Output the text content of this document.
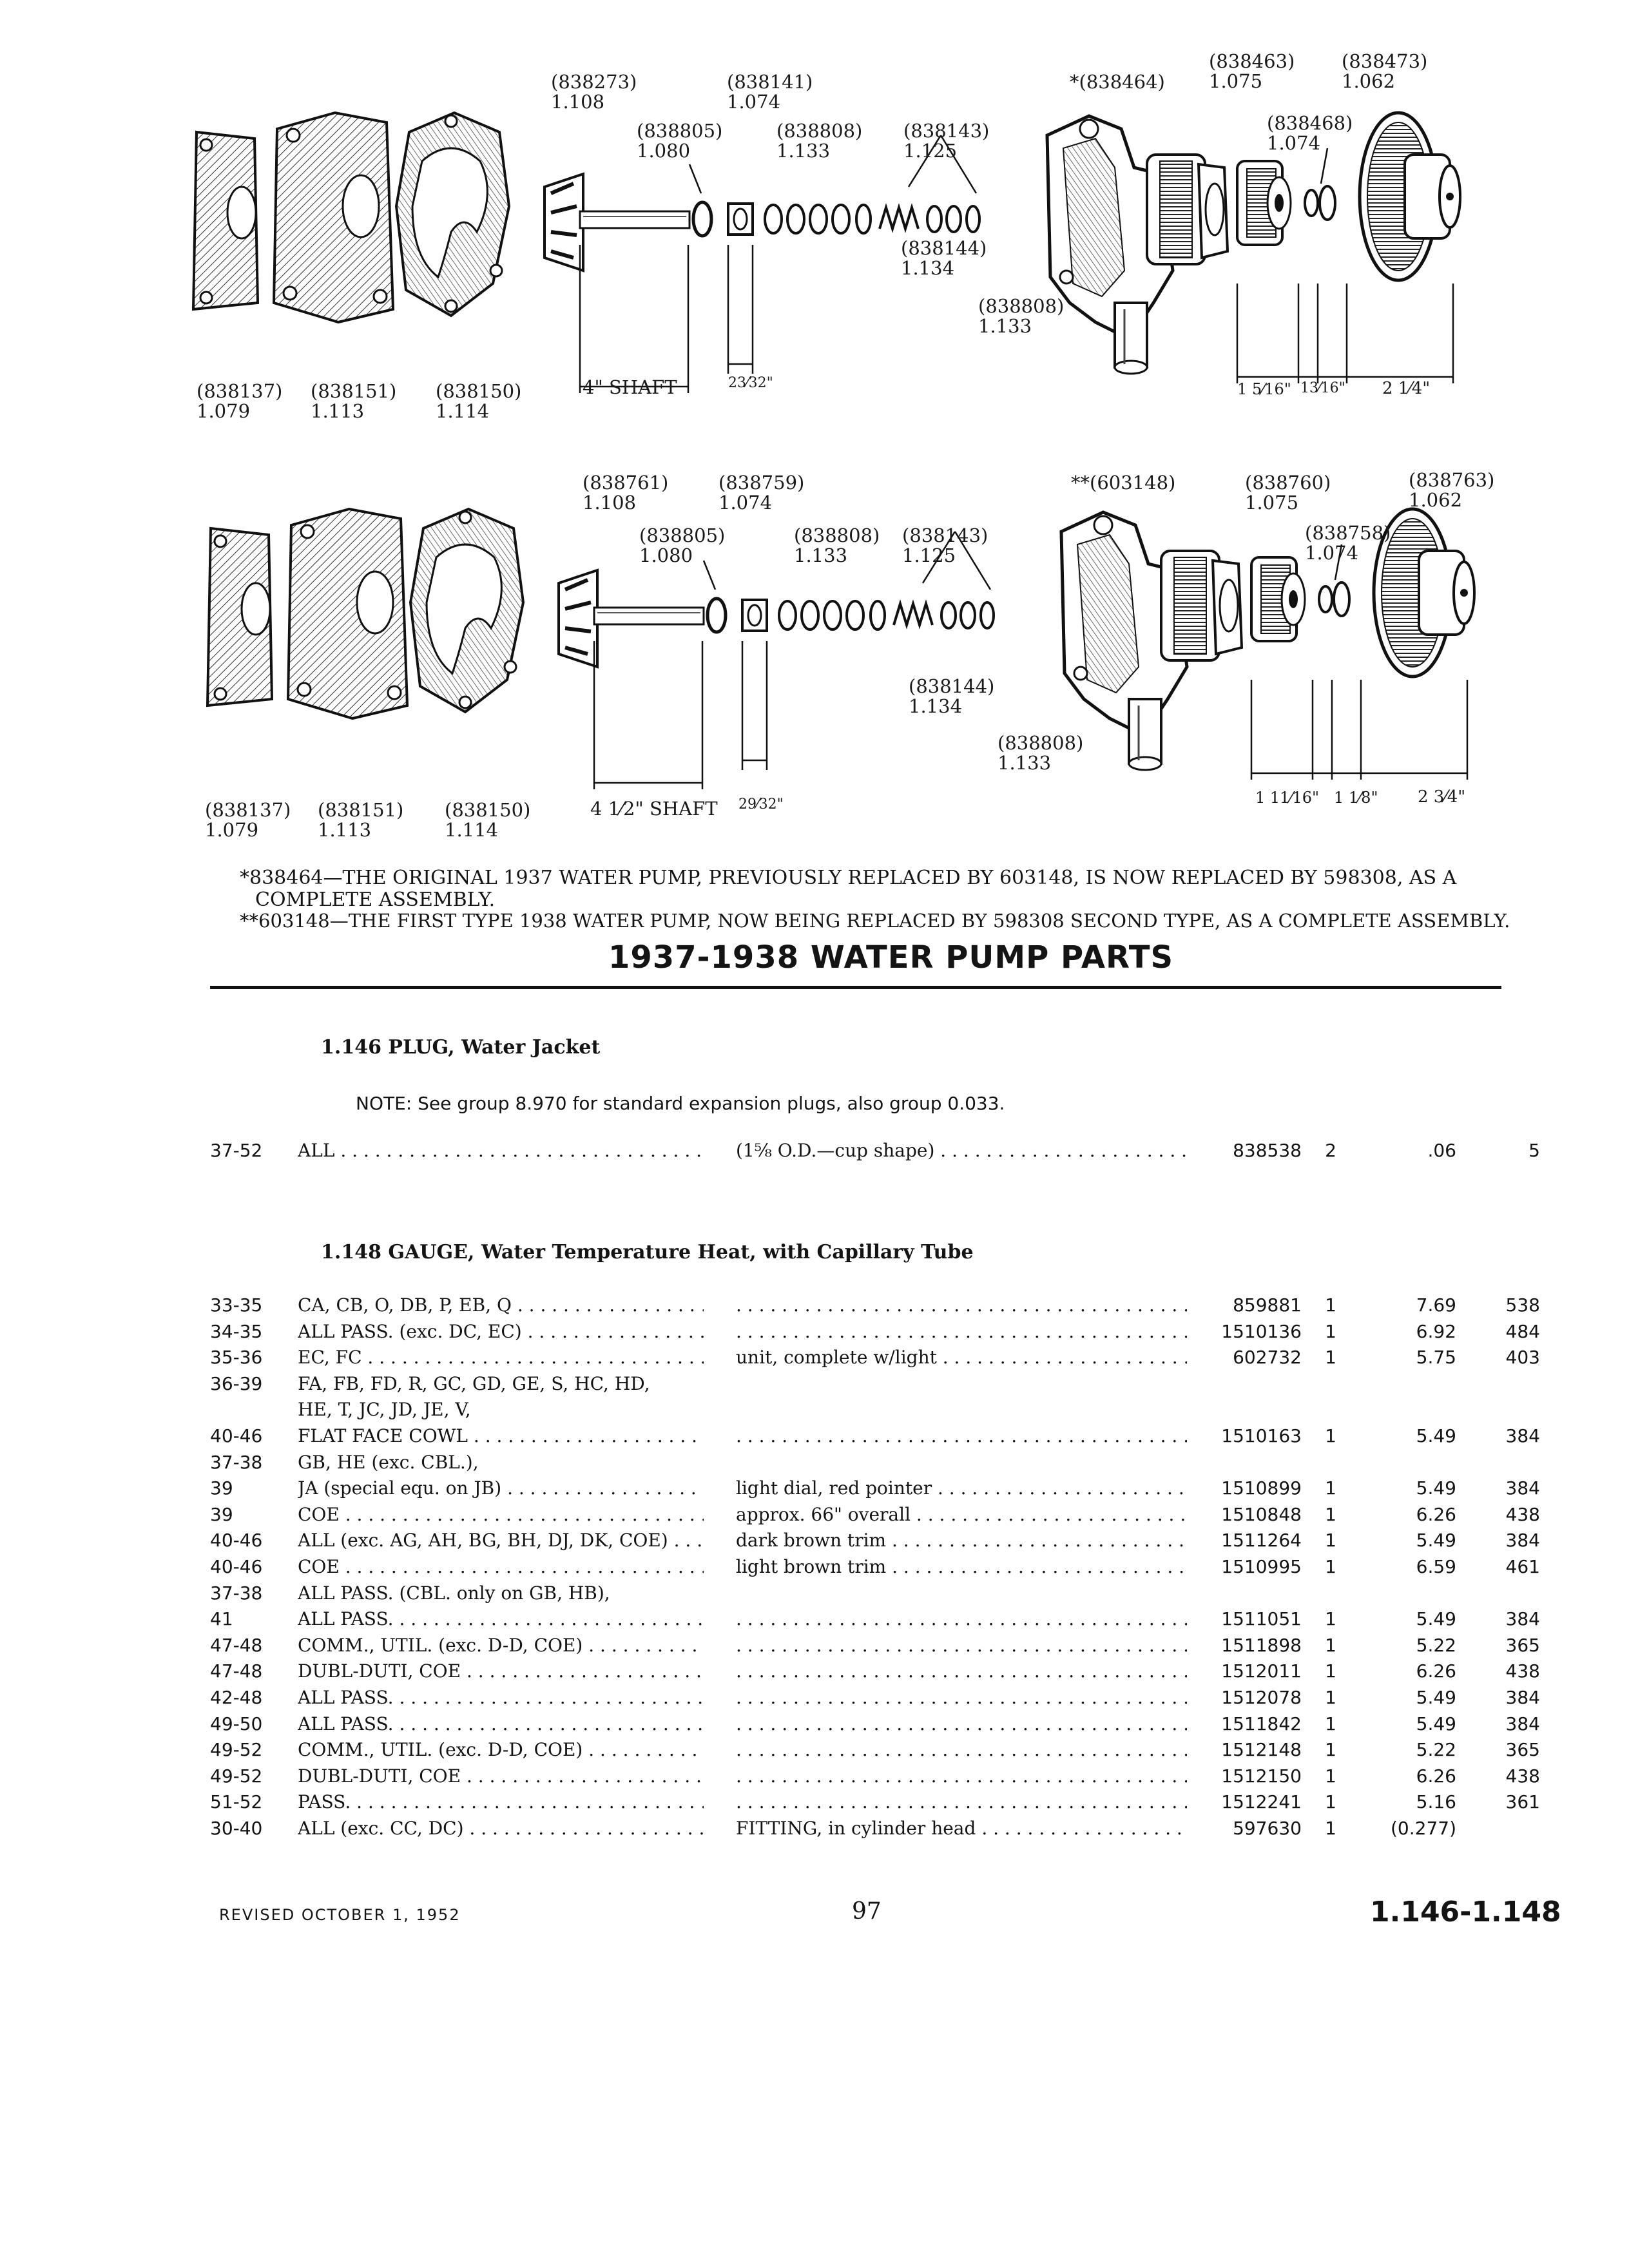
(838273)
1.108
(838141)
1.074
(838805)
1.080
(838808)
1.133
(838143)
1.125
*(838464)
(838463)
1.075
(838473)
1.062
(838468)
1.074
(838144)
1.134
(838808)
1.133
(838137)
1.079
(838151)
1.113
(838150)
1.114
4" SHAFT	23⁄32"	1 5⁄16" 13⁄16" 2 1⁄4"
(838761)
1.108
(838759)
1.074
(838805)
1.080
(838808)
1.133
(838143)
1.125
**(603148)	(838760)
1.075
(838763)
1.062
(838758)
1.074
(838144)
1.134
(838808)
1.133
(838137)
1.079
(838151)
1.113
(838150)
1.114
4 1⁄2" SHAFT 29⁄32"	1 11⁄16" 1 1⁄8" 2 3⁄4"
*838464—THE ORIGINAL 1937 WATER PUMP, PREVIOUSLY REPLACED BY 603148, IS NOW REPLACED BY 598308, AS A
COMPLETE ASSEMBLY.
**603148—THE FIRST TYPE 1938 WATER PUMP, NOW BEING REPLACED BY 598308 SECOND TYPE, AS A COMPLETE ASSEMBLY.
1937-1938 WATER PUMP PARTS
1.146 PLUG, Water Jacket
NOTE: See group 8.970 for standard expansion plugs, also group 0.033.
37-52 ALL . . .	(1⅝ O.D.—cup shape) . . .	838538 2	.06	5
1.148 GAUGE, Water Temperature Heat, with Capillary Tube
33-35 CA, CB, O, DB, P, EB, Q . . . . . .	859881 1	7.69	538
34-35 ALL PASS. (exc. DC, EC) . . . . . .	1510136 1	6.92	484
35-36 EC, FC . . .	unit, complete w/light . . .	602732 1	5.75	403
36-39 FA, FB, FD, R, GC, GD, GE, S, HC, HD,
HE, T, JC, JD, JE, V,
40-46 FLAT FACE COWL . . . . . .	1510163 1	5.49	384
37-38 GB, HE (exc. CBL.),
39	JA (special equ. on JB) . . .	light dial, red pointer . . .	1510899 1	5.49	384
39	COE . . .	approx. 66" overall . . .	1510848 1	6.26	438
40-46 ALL (exc. AG, AH, BG, BH, DJ, DK, COE) . . .	dark brown trim . . .	1511264 1	5.49	384
40-46 COE . . .	light brown trim . . .	1510995 1	6.59	461
37-38 ALL PASS. (CBL. only on GB, HB),
41	ALL PASS. . . . . . .	1511051 1	5.49	384
47-48 COMM., UTIL. (exc. D-D, COE) . . . . . .	1511898 1	5.22	365
47-48 DUBL-DUTI, COE . . . . . .	1512011 1	6.26	438
42-48 ALL PASS. . . . . . .	1512078 1	5.49	384
49-50 ALL PASS. . . . . . .	1511842 1	5.49	384
49-52 COMM., UTIL. (exc. D-D, COE) . . . . . .	1512148 1	5.22	365
49-52 DUBL-DUTI, COE . . . . . .	1512150 1	6.26	438
51-52 PASS. . . . . . .	1512241 1	5.16	361
30-40 ALL (exc. CC, DC) . . .	FITTING, in cylinder head . . .	597630 1	(0.277)
REVISED OCTOBER 1, 1952	97	1.146-1.148
